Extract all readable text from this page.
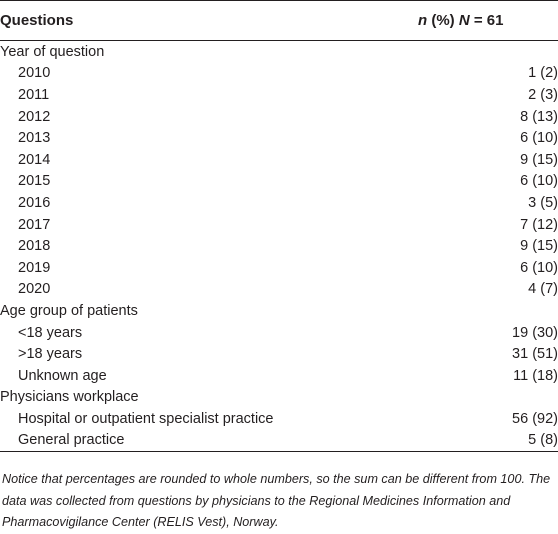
Questions	n (%) N = 61
Year of question	
2010	1 (2)
2011	2 (3)
2012	8 (13)
2013	6 (10)
2014	9 (15)
2015	6 (10)
2016	3 (5)
2017	7 (12)
2018	9 (15)
2019	6 (10)
2020	4 (7)
Age group of patients	
<18 years	19 (30)
>18 years	31 (51)
Unknown age	11 (18)
Physicians workplace	
Hospital or outpatient specialist practice	56 (92)
General practice	5 (8)

Notice that percentages are rounded to whole numbers, so the sum can be different from 100. The data was collected from questions by physicians to the Regional Medicines Information and Pharmacovigilance Center (RELIS Vest), Norway.
